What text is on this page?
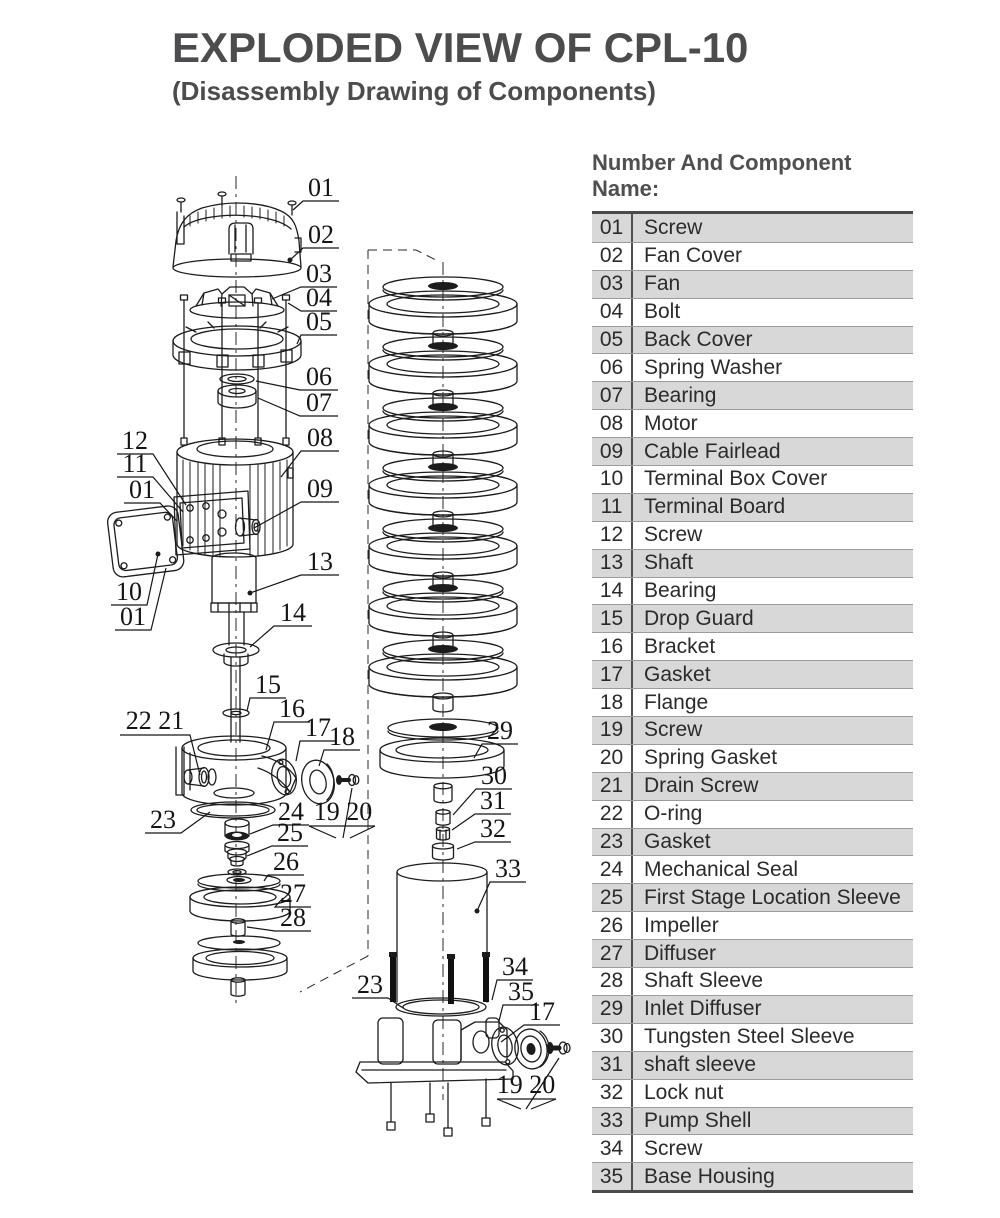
EXPLODED VIEW OF CPL-10
(Disassembly Drawing of Components)
01
02
03
04
05
06
07
08
09
13
14
15
16
17
18
12
11
01
10
01
22 21
23	24
25
26
27
28
19 20
29
30
31
32
33
23
34
35
17
19 20
Number And Component Name:
01 Screw
02 Fan Cover
03 Fan
04 Bolt
05 Back Cover
06 Spring Washer
07 Bearing
08 Motor
09 Cable Fairlead
10 Terminal Box Cover
11	Terminal Board
12 Screw
13 Shaft
14 Bearing
15 Drop Guard
16 Bracket
17 Gasket
18 Flange
19 Screw
20 Spring Gasket
21 Drain Screw
22 O-ring
23 Gasket
24 Mechanical Seal
25 First Stage Location Sleeve
26 Impeller
27 Diffuser
28 Shaft Sleeve
29 Inlet Diffuser
30 Tungsten Steel Sleeve
31 shaft sleeve
32 Lock nut
33 Pump Shell
34 Screw
35 Base Housing
